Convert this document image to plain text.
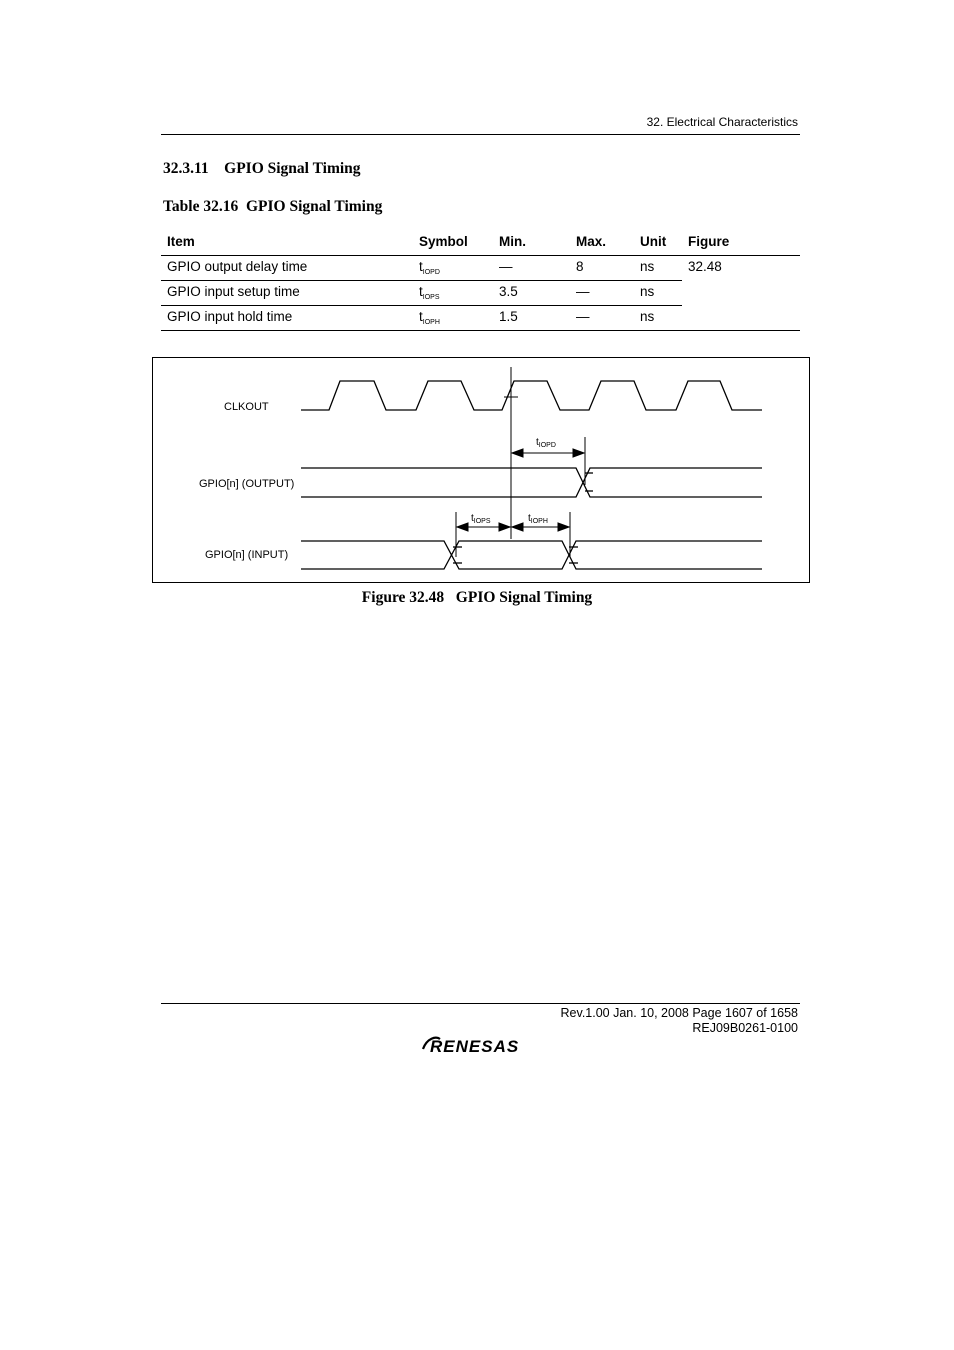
32. Electrical Characteristics
32.3.11    GPIO Signal Timing
Table 32.16  GPIO Signal Timing
Item	Symbol	Min.	Max.	Unit	Figure
GPIO output delay time	$t_{IOPD}$	—	8	ns	32.48
GPIO input setup time	$t_{IOPS}$	3.5	—	ns	
GPIO input hold time	$t_{IOPH}$	1.5	—	ns	
CLKOUT
GPIO[n] (OUTPUT)
$t_{IOPD}$
GPIO[n] (INPUT)
$t_{IOPS}$	$t_{IOPH}$
Figure 32.48   GPIO Signal Timing
Rev.1.00 Jan. 10, 2008 Page 1607 of 1658
REJ09B0261-0100
RENESAS
